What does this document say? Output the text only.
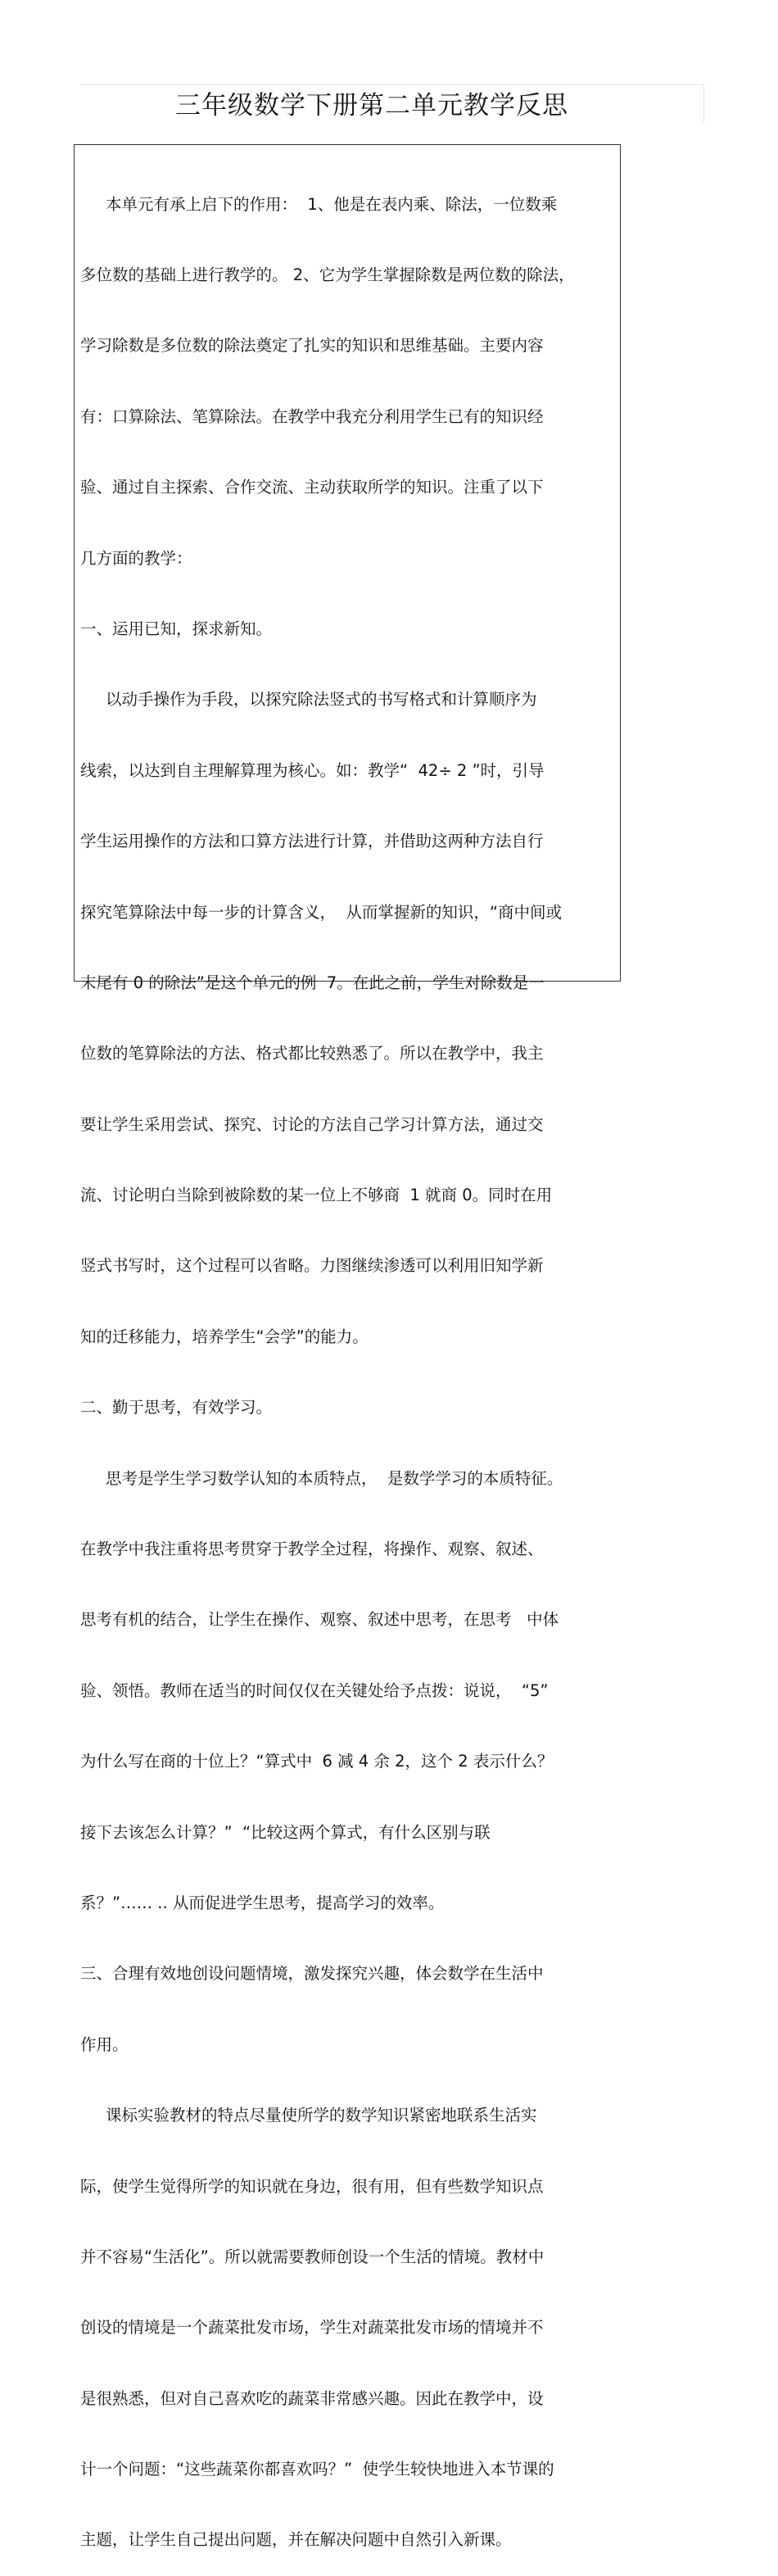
三年级数学下册第二单元教学反思

本单元有承上启下的作用：  1、他是在表内乘、除法，一位数乘

多位数的基础上进行教学的。 2、它为学生掌握除数是两位数的除法，

学习除数是多位数的除法奠定了扎实的知识和思维基础。主要内容

有：口算除法、笔算除法。在教学中我充分利用学生已有的知识经

验、通过自主探索、合作交流、主动获取所学的知识。注重了以下

几方面的教学：

一、运用已知，探求新知。

以动手操作为手段，以探究除法竖式的书写格式和计算顺序为

线索，以达到自主理解算理为核心。如：教学“  42÷ 2 ”时，引导

学生运用操作的方法和口算方法进行计算，并借助这两种方法自行

探究笔算除法中每一步的计算含义，  从而掌握新的知识，“商中间或

末尾有 0 的除法”是这个单元的例  7。在此之前，学生对除数是一

位数的笔算除法的方法、格式都比较熟悉了。所以在教学中，我主

要让学生采用尝试、探究、讨论的方法自己学习计算方法，通过交

流、讨论明白当除到被除数的某一位上不够商  1 就商 0。同时在用

竖式书写时，这个过程可以省略。力图继续渗透可以利用旧知学新

知的迁移能力，培养学生“会学”的能力。

二、勤于思考，有效学习。

思考是学生学习数学认知的本质特点，  是数学学习的本质特征。

在教学中我注重将思考贯穿于教学全过程，将操作、观察、叙述、

思考有机的结合，让学生在操作、观察、叙述中思考，在思考   中体

验、领悟。教师在适当的时间仅仅在关键处给予点拨：说说，  “5”

为什么写在商的十位上？“算式中  6 减 4 余 2，这个 2 表示什么？

接下去该怎么计算？”  “比较这两个算式，有什么区别与联

系？”…… .. 从而促进学生思考，提高学习的效率。

三、合理有效地创设问题情境，激发探究兴趣，体会数学在生活中

作用。

课标实验教材的特点尽量使所学的数学知识紧密地联系生活实

际，使学生觉得所学的知识就在身边，很有用，但有些数学知识点

并不容易“生活化”。所以就需要教师创设一个生活的情境。教材中

创设的情境是一个蔬菜批发市场，学生对蔬菜批发市场的情境并不

是很熟悉，但对自己喜欢吃的蔬菜非常感兴趣。因此在教学中，设

计一个问题：“这些蔬菜你都喜欢吗？”  使学生较快地进入本节课的

主题，让学生自己提出问题，并在解决问题中自然引入新课。
